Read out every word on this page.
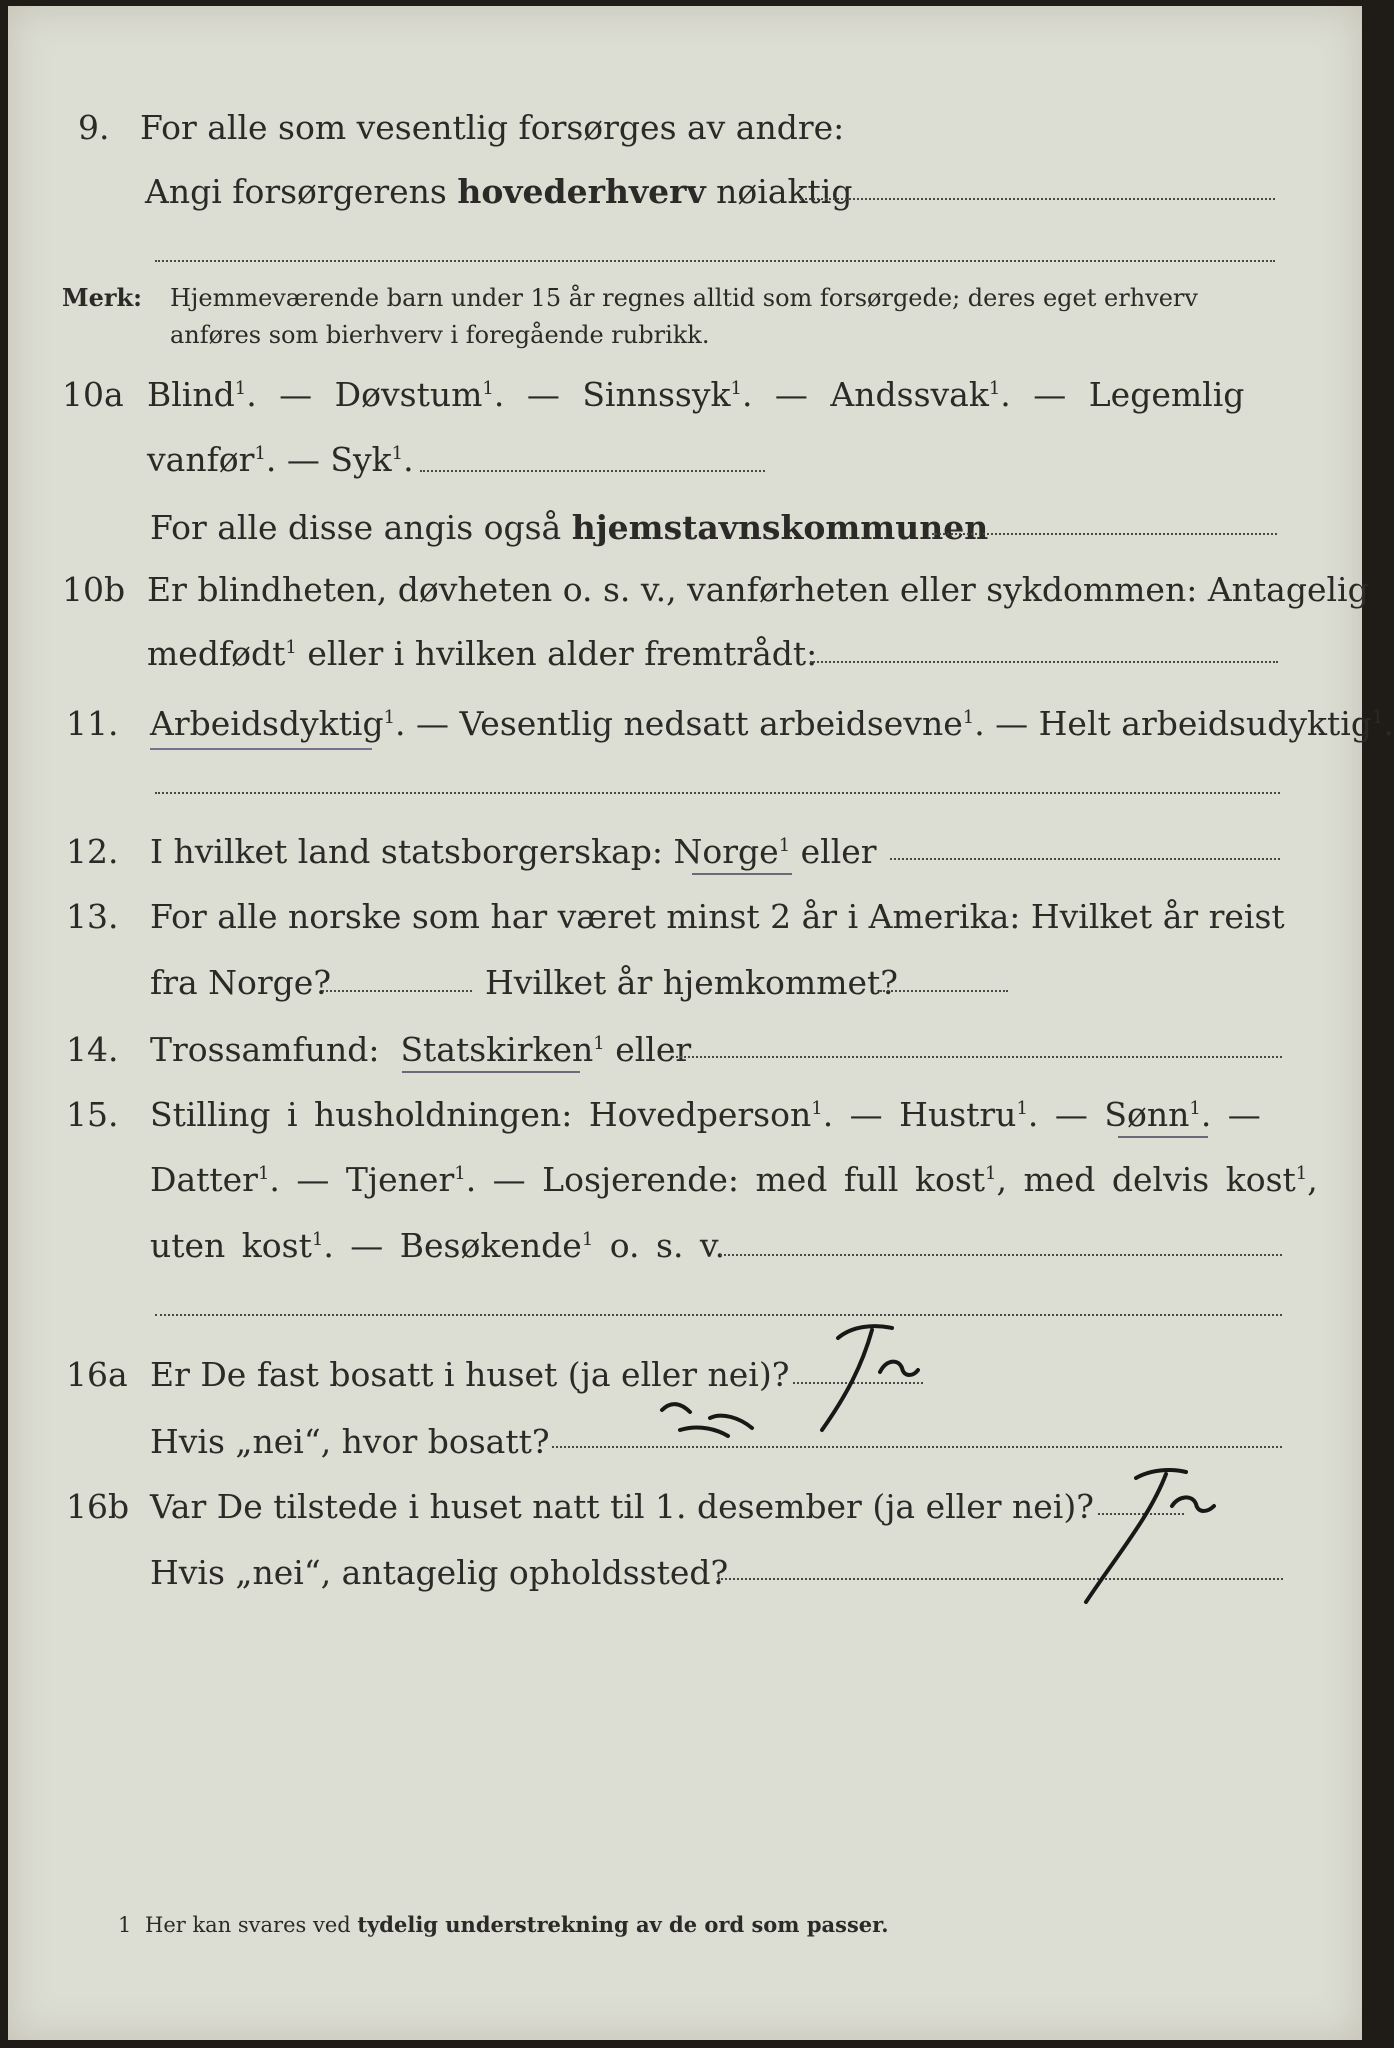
9. For alle som vesentlig forsørges av andre:
Angi forsørgerens hovederhverv nøiaktig
Merk: Hjemmeværende barn under 15 år regnes alltid som forsørgede; deres eget erhverv
anføres som bierhverv i foregående rubrikk.
10a Blind$^1$. — Døvstum$^1$. — Sinnssyk$^1$. — Andssvak$^1$. — Legemlig
vanfør$^1$. — Syk$^1$.
For alle disse angis også hjemstavnskommunen
10b Er blindheten, døvheten o. s. v., vanførheten eller sykdommen: Antagelig
medfødt$^1$ eller i hvilken alder fremtrådt:
11. Arbeidsdyktig$^1$. — Vesentlig nedsatt arbeidsevne$^1$. — Helt arbeidsudyktig$^1$.
12. I hvilket land statsborgerskap: Norge$^1$ eller
13. For alle norske som har været minst 2 år i Amerika: Hvilket år reist
fra Norge?	Hvilket år hjemkommet?
14. Trossamfund: Statskirken$^1$ eller
15. Stilling i husholdningen: Hovedperson$^1$. — Hustru$^1$. — Sønn$^1$. —
Datter$^1$. — Tjener$^1$. — Losjerende: med full kost$^1$, med delvis kost$^1$,
uten kost$^1$. — Besøkende$^1$ o. s. v.
16a Er De fast bosatt i huset (ja eller nei)?
Hvis „nei“, hvor bosatt?
16b Var De tilstede i huset natt til 1. desember (ja eller nei)?
Hvis „nei“, antagelig opholdssted?
1 Her kan svares ved tydelig understrekning av de ord som passer.
